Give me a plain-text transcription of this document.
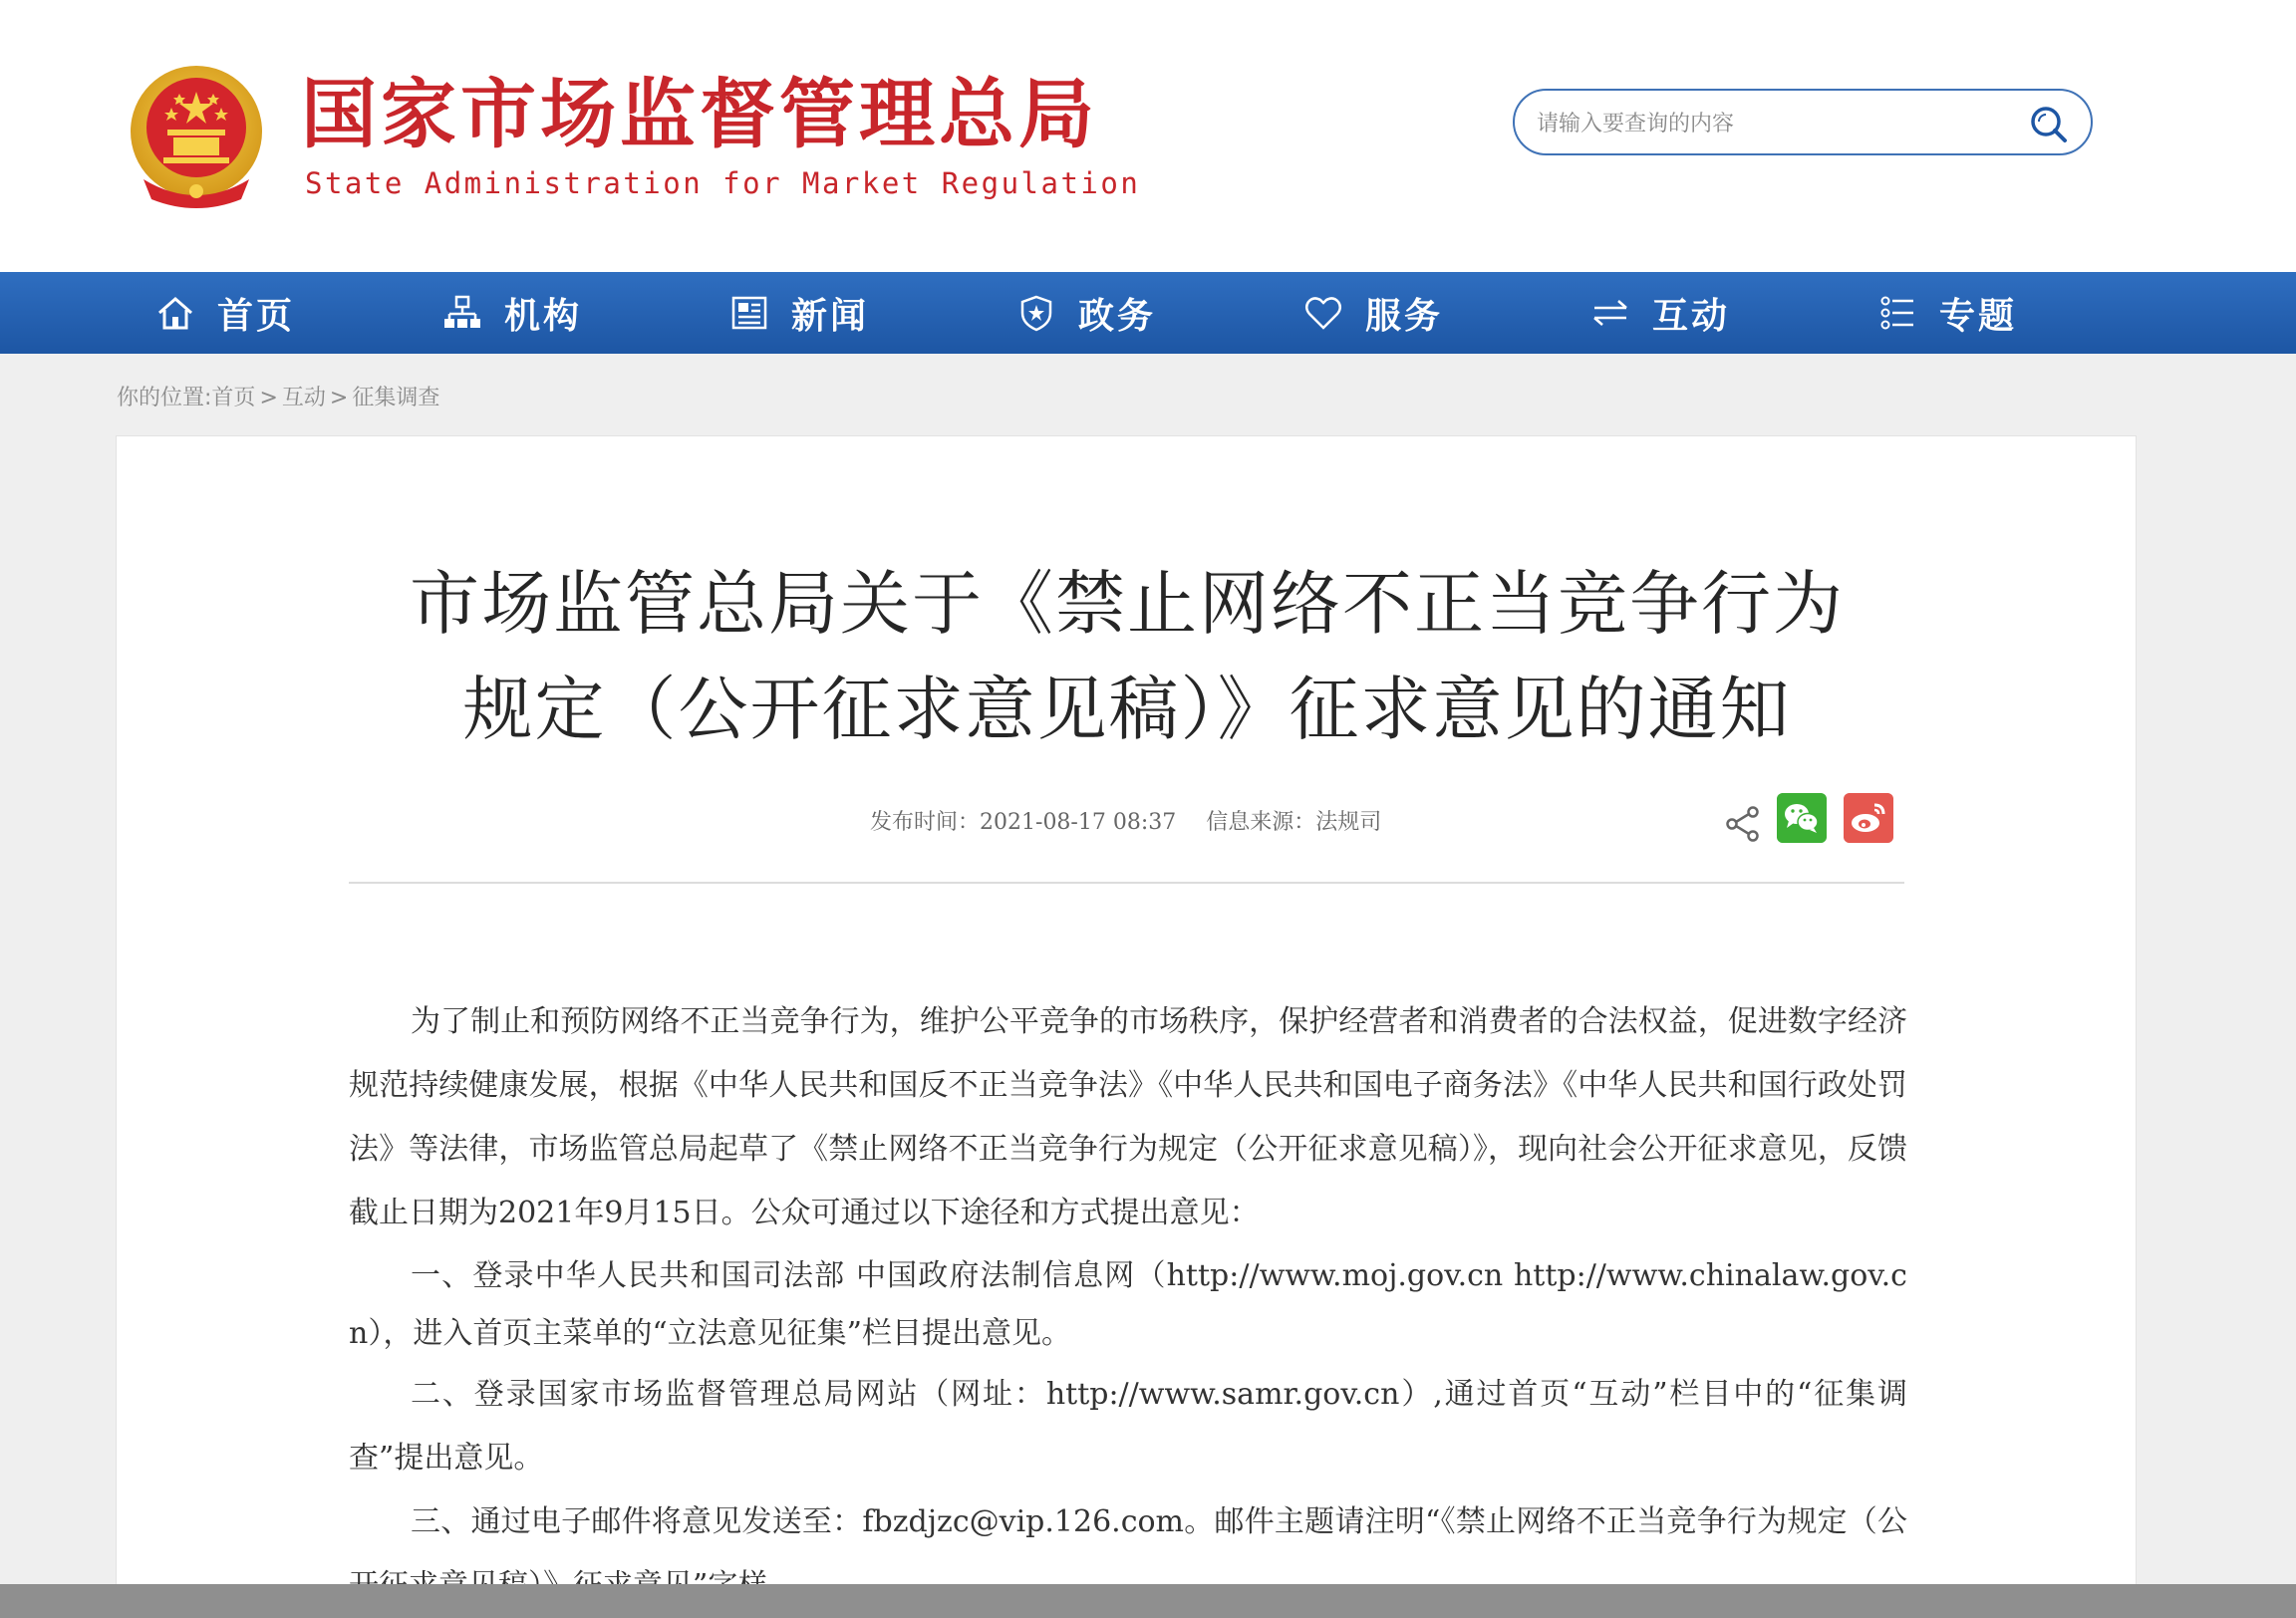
国家市场监督管理总局
State Administration for Market Regulation
请输入要查询的内容
首页	机构	新闻	政务	服务	互动	专题
你的位置:首页 > 互动 > 征集调查
市场监管总局关于《禁止网络不正当竞争行为
规定（公开征求意见稿）》征求意见的通知
发布时间：2021-08-17 08:37 信息来源：法规司

为了制止和预防网络不正当竞争行为，维护公平竞争的市场秩序，保护经营者和消费者的合法权益，促进数字经济规范持续健康发展，根据《中华人民共和国反不正当竞争法》《中华人民共和国电子商务法》《中华人民共和国行政处罚法》等法律，市场监管总局起草了《禁止网络不正当竞争行为规定（公开征求意见稿）》，现向社会公开征求意见，反馈截止日期为2021年9月15日。公众可通过以下途径和方式提出意见：

一、登录中华人民共和国司法部 中国政府法制信息网（http://www.moj.gov.cn http://www.chinalaw.gov.cn），进入首页主菜单的“立法意见征集”栏目提出意见。

二、登录国家市场监督管理总局网站（网址：http://www.samr.gov.cn）,通过首页“互动”栏目中的“征集调查”提出意见。

三、通过电子邮件将意见发送至：fbzdjzc@vip.126.com。邮件主题请注明“《禁止网络不正当竞争行为规定（公
